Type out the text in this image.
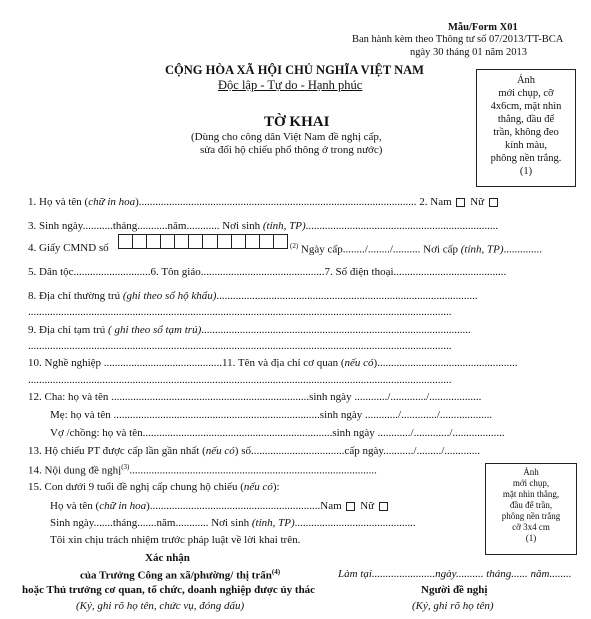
Mẫu/Form X01
Ban hành kèm theo Thông tư số 07/2013/TT-BCA
ngày 30 tháng 01 năm 2013
CỘNG HÒA XÃ HỘI CHỦ NGHĨA VIỆT NAM
Độc lập - Tự do - Hạnh phúc
TỜ KHAI
(Dùng cho công dân Việt Nam đề nghị cấp,
sửa đổi hộ chiếu phổ thông ở trong nước)
Ảnh
mới chụp, cỡ
4x6cm, mặt nhìn
thẳng, đầu để
trần, không đeo
kính màu,
phông nền trắng.
(1)
1. Họ và tên (chữ in hoa)..................................................................................................... 2. Nam Nữ
3. Sinh ngày...........tháng...........năm............ Nơi sinh (tỉnh, TP)......................................................................
4. Giấy CMND số	$^{(2)}$ Ngày cấp......../......../.......... Nơi cấp (tỉnh, TP)..............
5. Dân tộc............................6. Tôn giáo.............................................7. Số điện thoại.........................................
8. Địa chỉ thường trú (ghi theo sổ hộ khẩu)...............................................................................................
..........................................................................................................................................................
9. Địa chỉ tạm trú ( ghi theo sổ tạm trú)..................................................................................................
..........................................................................................................................................................
10. Nghề nghiệp ...........................................11. Tên và địa chỉ cơ quan (nếu có)...................................................
..........................................................................................................................................................
12. Cha: họ và tên ........................................................................sinh ngày ............/............./...................
Mẹ: họ và tên ...........................................................................sinh ngày ............/............./...................
Vợ /chồng: họ và tên.....................................................................sinh ngày ............/............./...................
13. Hộ chiếu PT được cấp lần gần nhất (nếu có) số..................................cấp ngày.........../........./.............
14. Nội dung đề nghị$^{(3)}$..........................................................................................	Ảnh
mới chụp,
mặt nhìn thẳng,
đầu để trần,
phông nền trắng
cỡ 3x4 cm
(1)
15. Con dưới 9 tuổi đề nghị cấp chung hộ chiếu (nếu có):
Họ và tên (chữ in hoa)..............................................................Nam Nữ
Sinh ngày.......tháng.......năm............ Nơi sinh (tỉnh, TP)............................................
Tôi xin chịu trách nhiệm trước pháp luật về lời khai trên.
Xác nhận
của Trưởng Công an xã/phường/ thị trấn$^{(4)}$
hoặc Thủ trưởng cơ quan, tổ chức, doanh nghiệp được ủy thác
(Ký, ghi rõ họ tên, chức vụ, đóng dấu)
Làm tại.......................ngày.......... tháng...... năm........
Người đề nghị
(Ký, ghi rõ họ tên)
